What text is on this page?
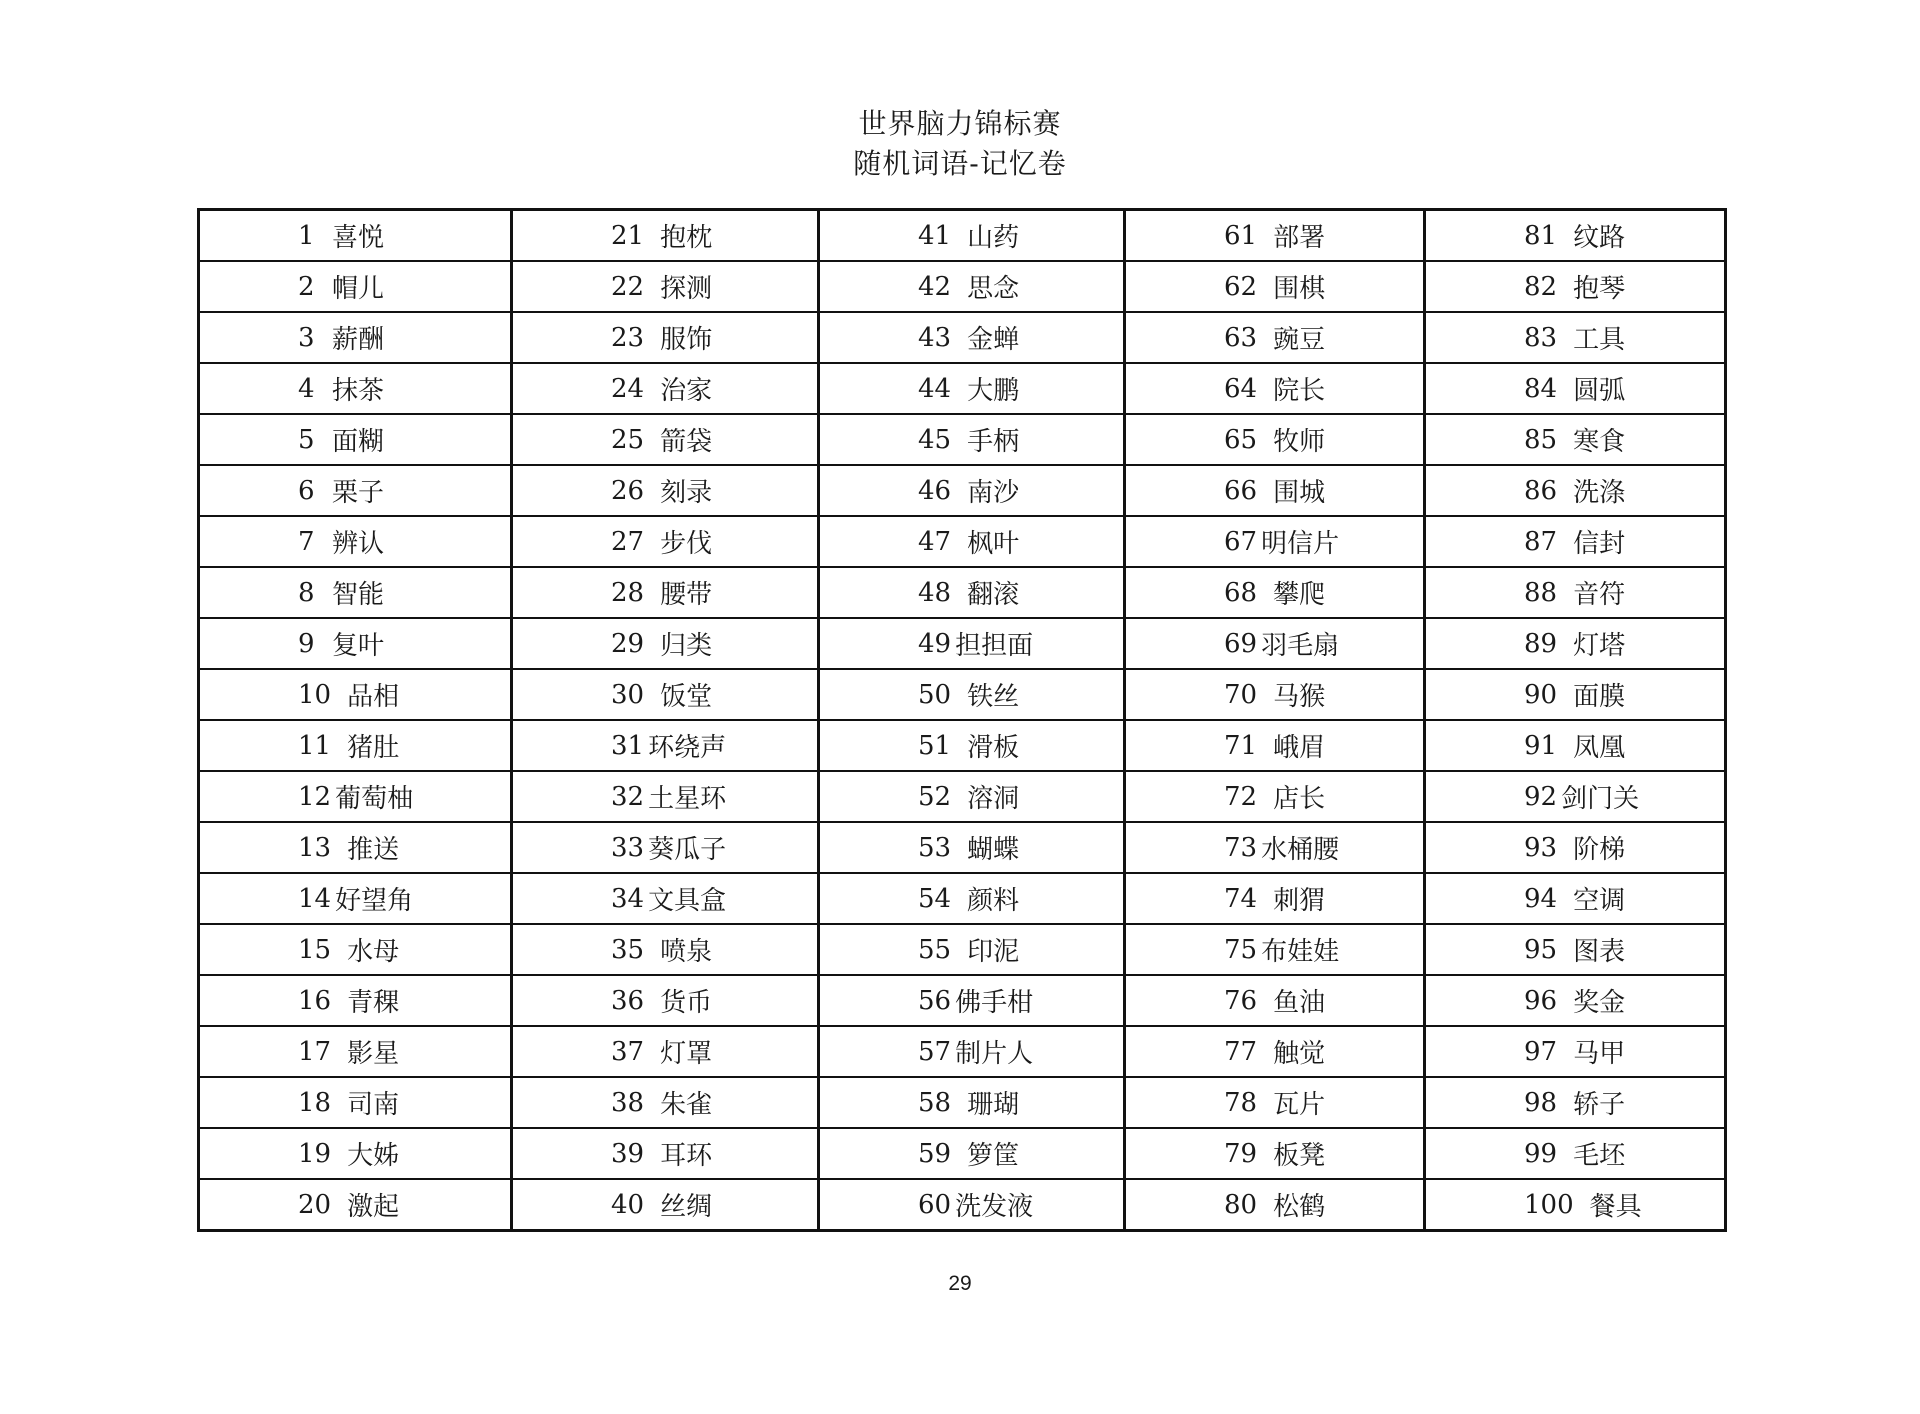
世界脑力锦标赛
随机词语-记忆卷
1 喜悦	21 抱枕	41 山药	61 部署	81 纹路

2 帽儿	22 探测	42 思念	62 围棋	82 抱琴

3 薪酬	23 服饰	43 金蝉	63 豌豆	83 工具

4 抹茶	24 治家	44 大鹏	64 院长	84 圆弧

5 面糊	25 箭袋	45 手柄	65 牧师	85 寒食

6 栗子	26 刻录	46 南沙	66 围城	86 洗涤

7 辨认	27 步伐	47 枫叶	67 明信片	87 信封

8 智能	28 腰带	48 翻滚	68 攀爬	88 音符

9 复叶	29 归类	49 担担面	69 羽毛扇	89 灯塔

10 品相	30 饭堂	50 铁丝	70 马猴	90 面膜

11 猪肚	31 环绕声	51 滑板	71 峨眉	91 凤凰

12 葡萄柚	32 土星环	52 溶洞	72 店长	92 剑门关

13 推送	33 葵瓜子	53 蝴蝶	73 水桶腰	93 阶梯

14 好望角	34 文具盒	54 颜料	74 刺猬	94 空调

15 水母	35 喷泉	55 印泥	75 布娃娃	95 图表

16 青稞	36 货币	56 佛手柑	76 鱼油	96 奖金

17 影星	37 灯罩	57 制片人	77 触觉	97 马甲

18 司南	38 朱雀	58 珊瑚	78 瓦片	98 轿子

19 大姊	39 耳环	59 箩筐	79 板凳	99 毛坯

20 激起	40 丝绸	60 洗发液	80 松鹤	100 餐具
29
